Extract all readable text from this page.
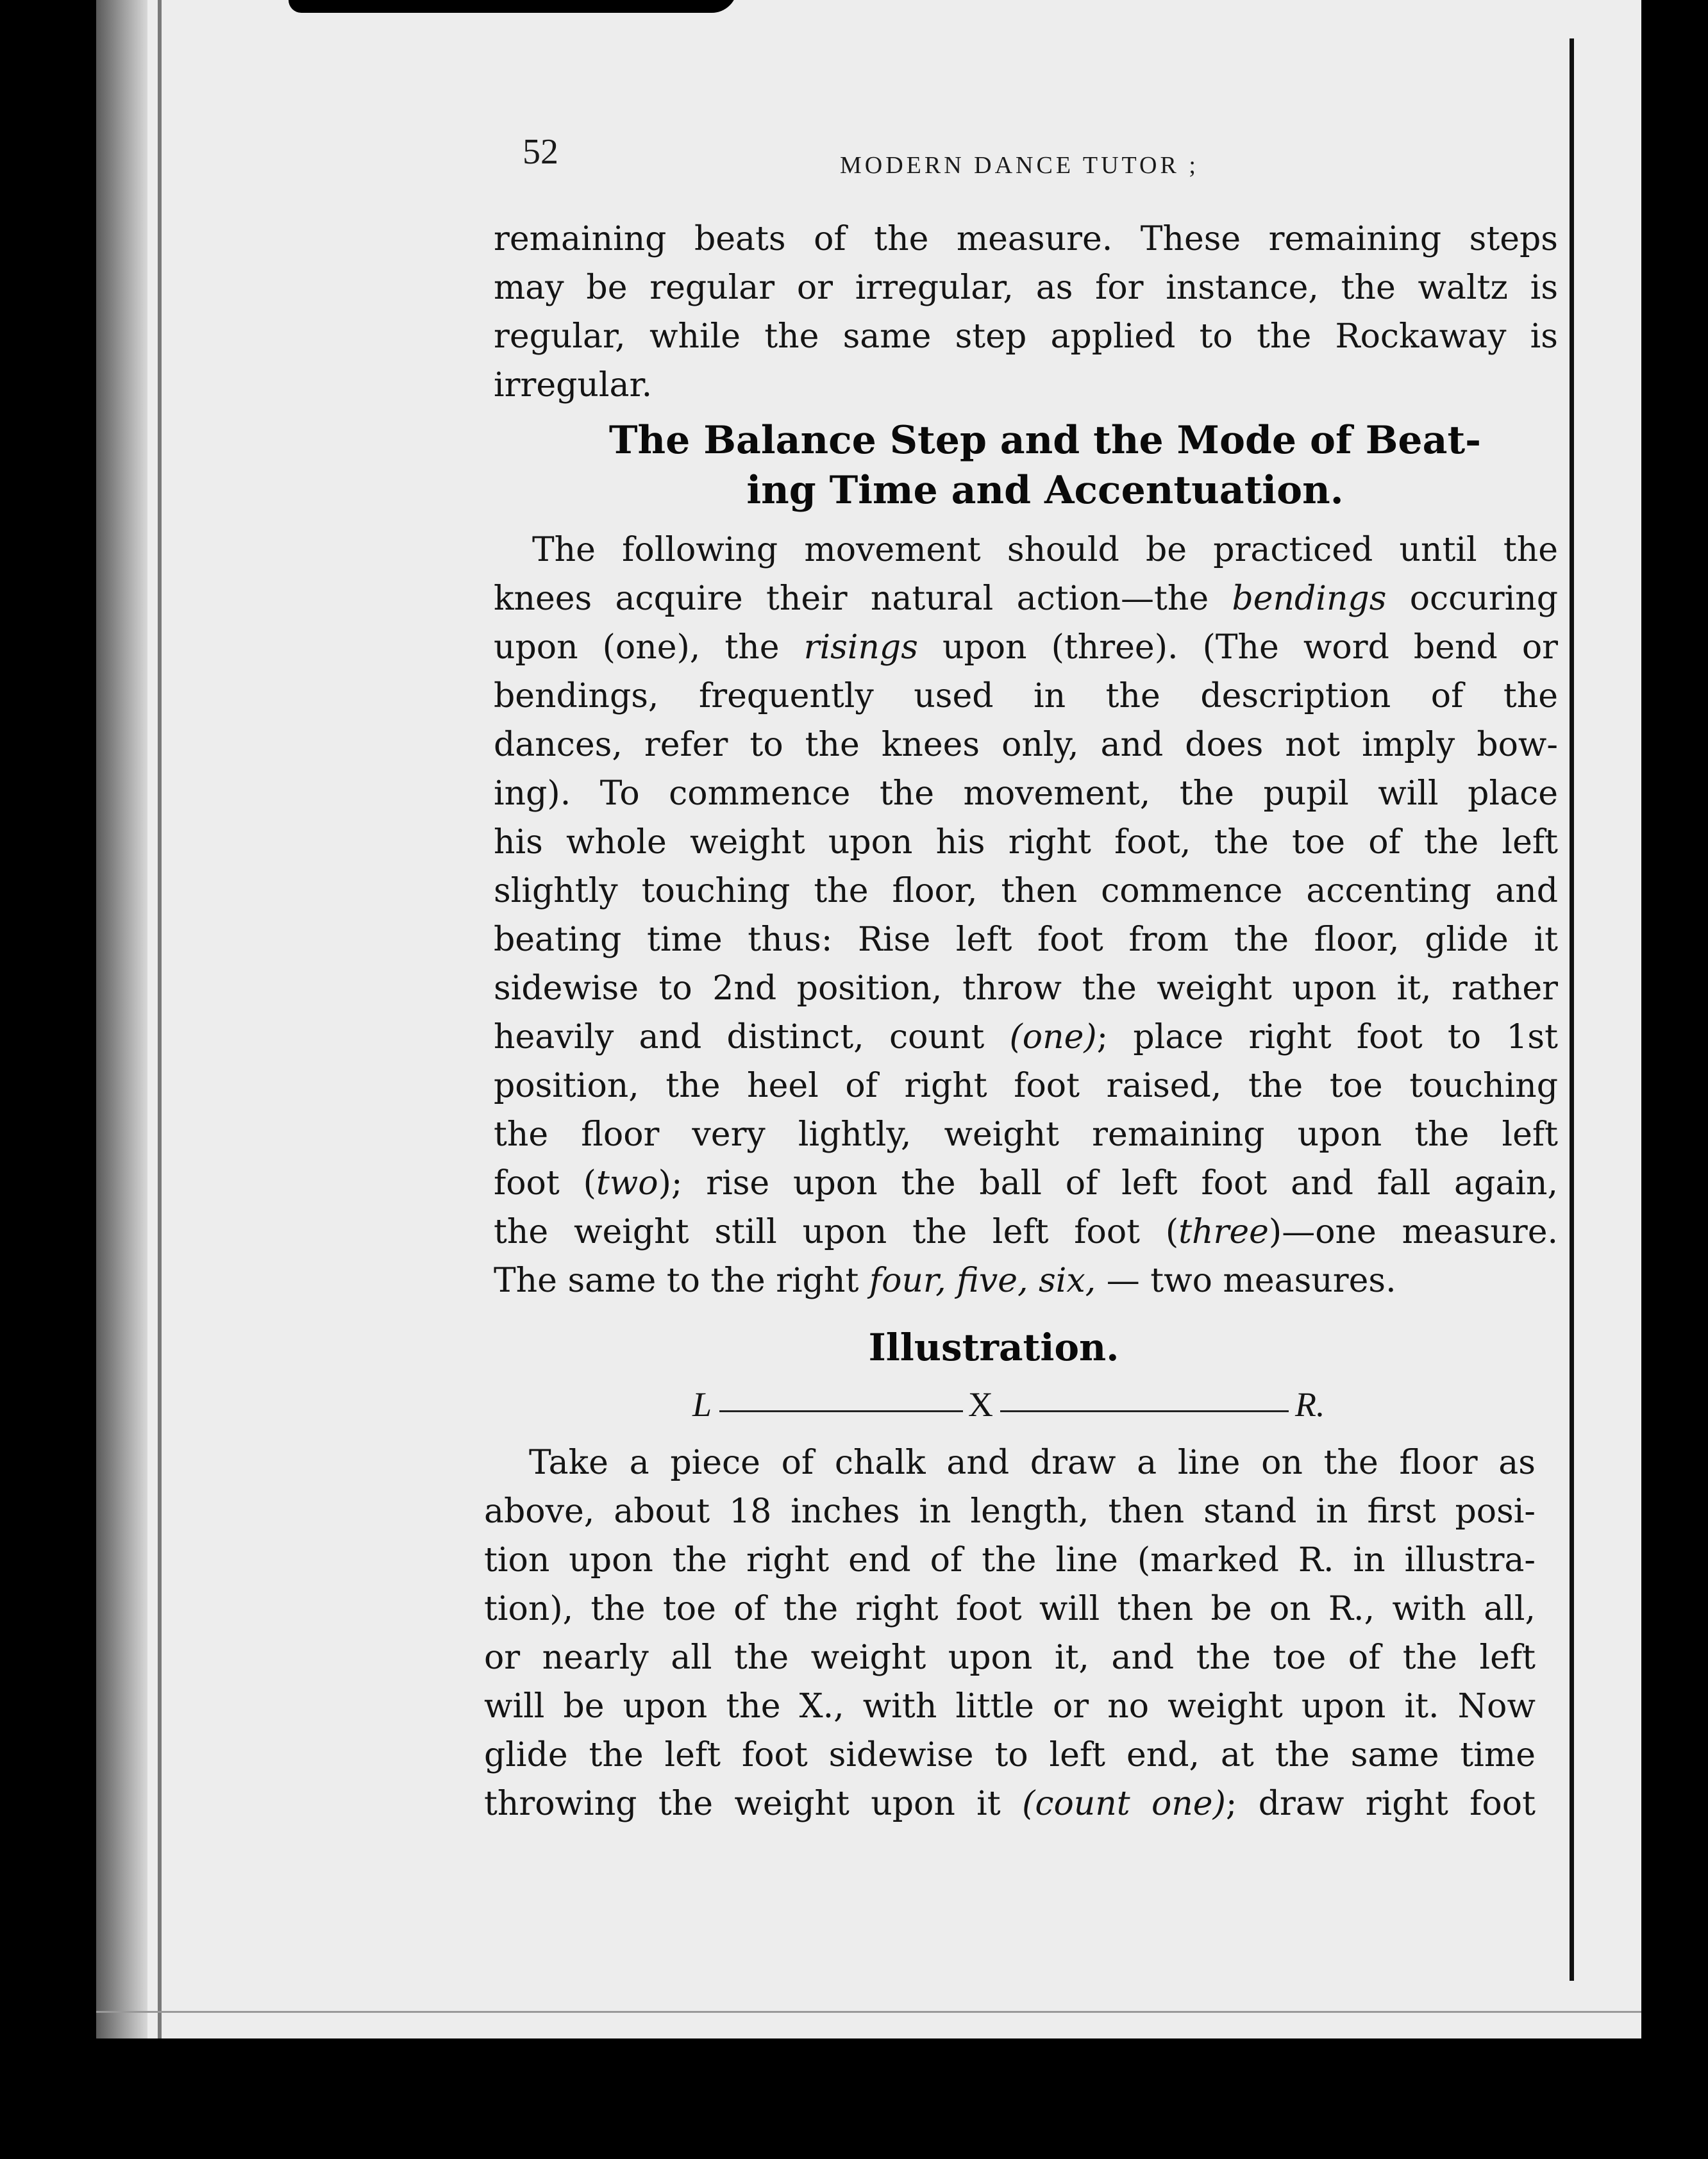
52	MODERN DANCE TUTOR ;

remaining beats of the measure. These remaining steps
may be regular or irregular, as for instance, the waltz is
regular, while the same step applied to the Rockaway is
irregular.
The Balance Step and the Mode of Beat-
ing Time and Accentuation.
The following movement should be practiced until the
knees acquire their natural action—the bendings occuring
upon (one), the risings upon (three). (The word bend or
bendings, frequently used in the description of the
dances, refer to the knees only, and does not imply bow-
ing). To commence the movement, the pupil will place
his whole weight upon his right foot, the toe of the left
slightly touching the floor, then commence accenting and
beating time thus: Rise left foot from the floor, glide it
sidewise to 2nd position, throw the weight upon it, rather
heavily and distinct, count (one); place right foot to 1st
position, the heel of right foot raised, the toe touching
the floor very lightly, weight remaining upon the left
foot (two); rise upon the ball of left foot and fall again,
the weight still upon the left foot (three)—one measure.
The same to the right four, five, six, — two measures.
Illustration.
L	X	R.
Take a piece of chalk and draw a line on the floor as
above, about 18 inches in length, then stand in first posi-
tion upon the right end of the line (marked R. in illustra-
tion), the toe of the right foot will then be on R., with all,
or nearly all the weight upon it, and the toe of the left
will be upon the X., with little or no weight upon it. Now
glide the left foot sidewise to left end, at the same time
throwing the weight upon it (count one); draw right foot
